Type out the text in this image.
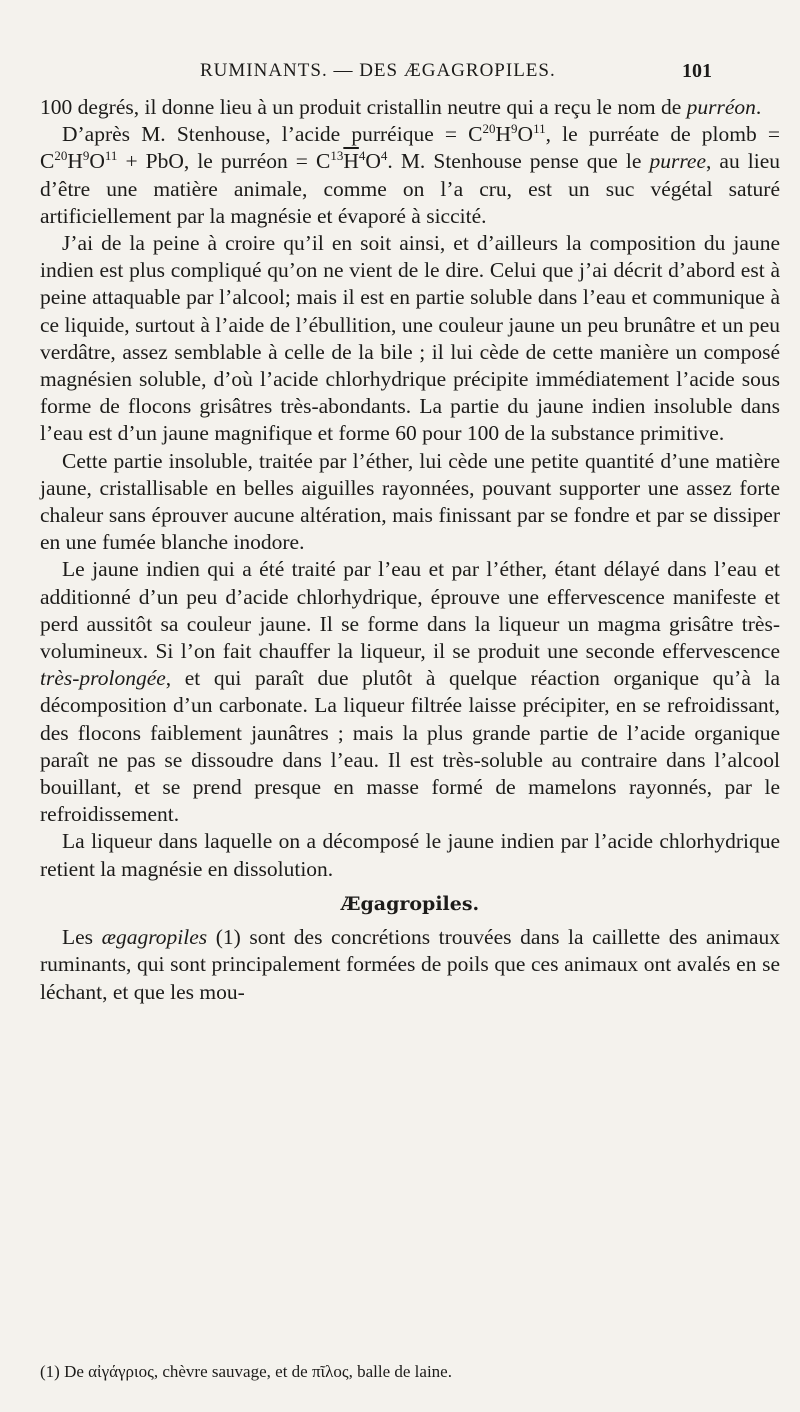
RUMINANTS. — DES ÆGAGROPILES.	101

100 degrés, il donne lieu à un produit cristallin neutre qui a reçu le nom de purréon.

D’après M. Stenhouse, l’acide purréique = $C^{20}H^9O^{11}$, le purréate de plomb = $C^{20}H^9O^{11}$ + PbO, le purréon = $C^{13}\overline{H}^4O^4$. M. Stenhouse pense que le purree, au lieu d’être une matière animale, comme on l’a cru, est un suc végétal saturé artificiellement par la magnésie et évaporé à siccité.

J’ai de la peine à croire qu’il en soit ainsi, et d’ailleurs la composition du jaune indien est plus compliqué qu’on ne vient de le dire. Celui que j’ai décrit d’abord est à peine attaquable par l’alcool; mais il est en partie soluble dans l’eau et communique à ce liquide, surtout à l’aide de l’ébullition, une couleur jaune un peu brunâtre et un peu verdâtre, assez semblable à celle de la bile ; il lui cède de cette manière un composé magnésien soluble, d’où l’acide chlorhydrique précipite immédiatement l’acide sous forme de flocons grisâtres très-abondants. La partie du jaune indien insoluble dans l’eau est d’un jaune magnifique et forme 60 pour 100 de la substance primitive.

Cette partie insoluble, traitée par l’éther, lui cède une petite quantité d’une matière jaune, cristallisable en belles aiguilles rayonnées, pouvant supporter une assez forte chaleur sans éprouver aucune altération, mais finissant par se fondre et par se dissiper en une fumée blanche inodore.

Le jaune indien qui a été traité par l’eau et par l’éther, étant délayé dans l’eau et additionné d’un peu d’acide chlorhydrique, éprouve une effervescence manifeste et perd aussitôt sa couleur jaune. Il se forme dans la liqueur un magma grisâtre très-volumineux. Si l’on fait chauffer la liqueur, il se produit une seconde effervescence très-prolongée, et qui paraît due plutôt à quelque réaction organique qu’à la décomposition d’un carbonate. La liqueur filtrée laisse précipiter, en se refroidissant, des flocons faiblement jaunâtres ; mais la plus grande partie de l’acide organique paraît ne pas se dissoudre dans l’eau. Il est très-soluble au contraire dans l’alcool bouillant, et se prend presque en masse formé de mamelons rayonnés, par le refroidissement.

La liqueur dans laquelle on a décomposé le jaune indien par l’acide chlorhydrique retient la magnésie en dissolution.

Ægagropiles.

Les ægagropiles (1) sont des concrétions trouvées dans la caillette des animaux ruminants, qui sont principalement formées de poils que ces animaux ont avalés en se léchant, et que les mou-

(1) De αἰγάγριος, chèvre sauvage, et de πῖλος, balle de laine.
